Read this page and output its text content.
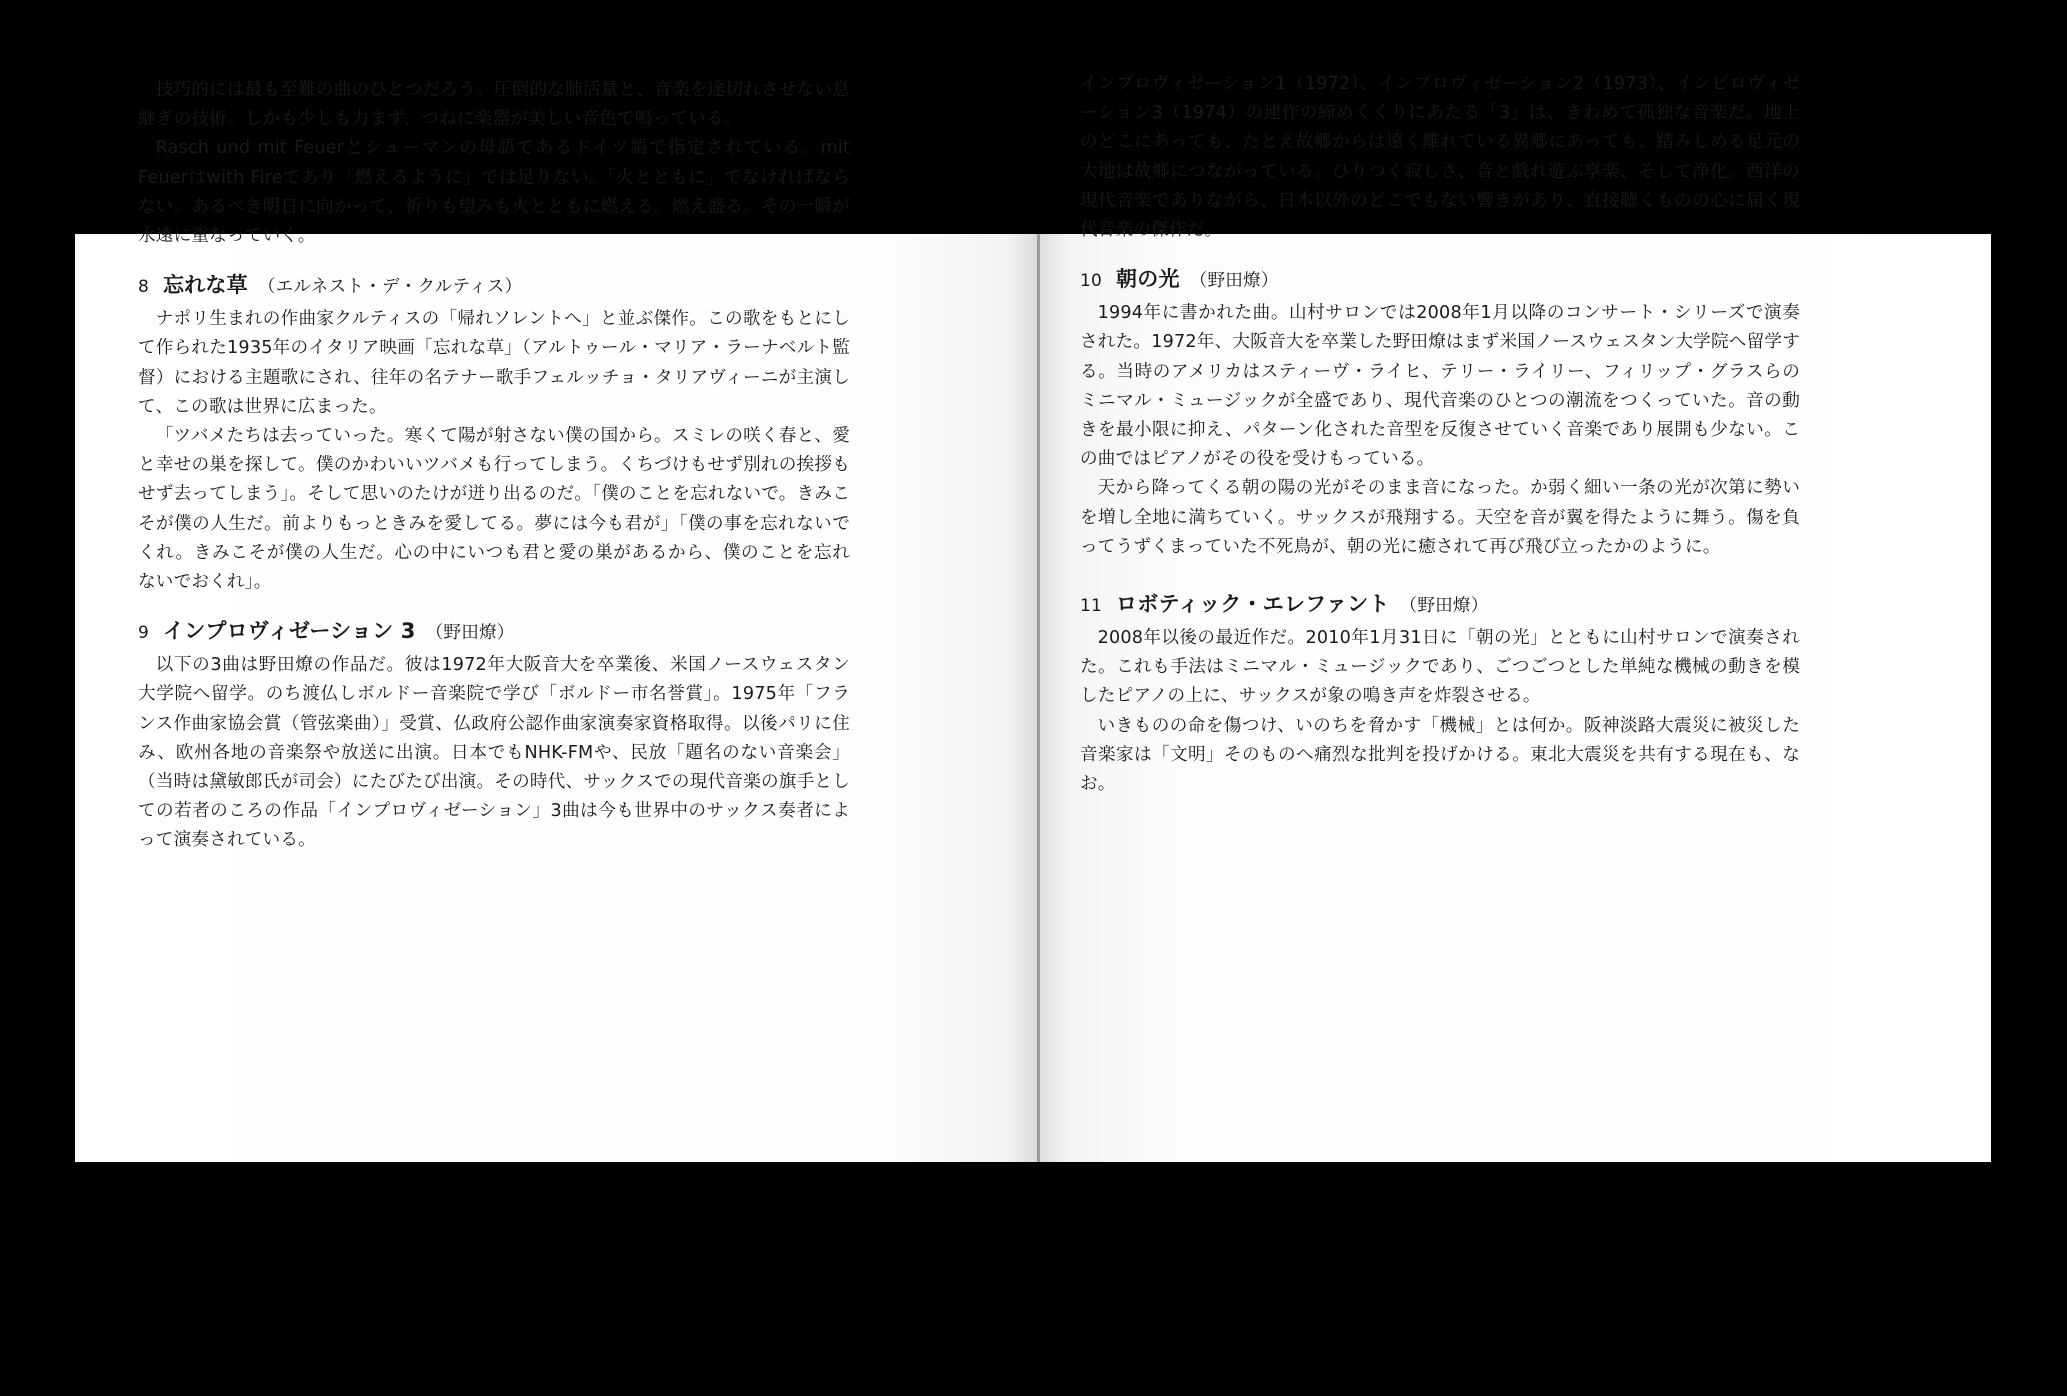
技巧的には最も至難の曲のひとつだろう。圧倒的な肺活量と、音楽を途切れさせない息継ぎの技術。しかも少しも力まず、つねに楽器が美しい音色で鳴っている。

Rasch und mit Feuerとシューマンの母語であるドイツ語で指定されている。mit Feuerはwith Fireであり「燃えるように」では足りない。「火とともに」でなければならない。あるべき明日に向かって、祈りも望みも火とともに燃える。燃え盛る。その一瞬が永遠に重なっていく。

8 忘れな草 （エルネスト・デ・クルティス）

ナポリ生まれの作曲家クルティスの「帰れソレントへ」と並ぶ傑作。この歌をもとにして作られた1935年のイタリア映画「忘れな草」（アルトゥール・マリア・ラーナベルト監督）における主題歌にされ、往年の名テナー歌手フェルッチョ・タリアヴィーニが主演して、この歌は世界に広まった。

「ツバメたちは去っていった。寒くて陽が射さない僕の国から。スミレの咲く春と、愛と幸せの巣を探して。僕のかわいいツバメも行ってしまう。くちづけもせず別れの挨拶もせず去ってしまう」。そして思いのたけが迸り出るのだ。「僕のことを忘れないで。きみこそが僕の人生だ。前よりもっときみを愛してる。夢には今も君が」「僕の事を忘れないでくれ。きみこそが僕の人生だ。心の中にいつも君と愛の巣があるから、僕のことを忘れないでおくれ」。

9 インプロヴィゼーション 3 （野田燎）

以下の3曲は野田燎の作品だ。彼は1972年大阪音大を卒業後、米国ノースウェスタン大学院へ留学。のち渡仏しボルドー音楽院で学び「ボルドー市名誉賞」。1975年「フランス作曲家協会賞（管弦楽曲）」受賞、仏政府公認作曲家演奏家資格取得。以後パリに住み、欧州各地の音楽祭や放送に出演。日本でもNHK-FMや、民放「題名のない音楽会」（当時は黛敏郎氏が司会）にたびたび出演。その時代、サックスでの現代音楽の旗手としての若者のころの作品「インプロヴィゼーション」3曲は今も世界中のサックス奏者によって演奏されている。

インプロヴィゼーション1（1972）、インプロヴィゼーション2（1973）、インピロヴィゼーション3（1974）の連作の締めくくりにあたる「3」は、きわめて孤独な音楽だ。地上のどこにあっても、たとえ故郷からは遠く離れている異郷にあっても、踏みしめる足元の大地は故郷につながっている。ひりつく寂しさ、音と戯れ遊ぶ享楽、そして浄化。西洋の現代音楽でありながら、日本以外のどこでもない響きがあり、直接聴くものの心に届く現代音楽の傑作だ。

10 朝の光 （野田燎）

1994年に書かれた曲。山村サロンでは2008年1月以降のコンサート・シリーズで演奏された。1972年、大阪音大を卒業した野田燎はまず米国ノースウェスタン大学院へ留学する。当時のアメリカはスティーヴ・ライヒ、テリー・ライリー、フィリップ・グラスらのミニマル・ミュージックが全盛であり、現代音楽のひとつの潮流をつくっていた。音の動きを最小限に抑え、パターン化された音型を反復させていく音楽であり展開も少ない。この曲ではピアノがその役を受けもっている。

天から降ってくる朝の陽の光がそのまま音になった。か弱く細い一条の光が次第に勢いを増し全地に満ちていく。サックスが飛翔する。天空を音が翼を得たように舞う。傷を負ってうずくまっていた不死鳥が、朝の光に癒されて再び飛び立ったかのように。

11 ロボティック・エレファント （野田燎）

2008年以後の最近作だ。2010年1月31日に「朝の光」とともに山村サロンで演奏された。これも手法はミニマル・ミュージックであり、ごつごつとした単純な機械の動きを模したピアノの上に、サックスが象の鳴き声を炸裂させる。

いきものの命を傷つけ、いのちを脅かす「機械」とは何か。阪神淡路大震災に被災した音楽家は「文明」そのものへ痛烈な批判を投げかける。東北大震災を共有する現在も、なお。
